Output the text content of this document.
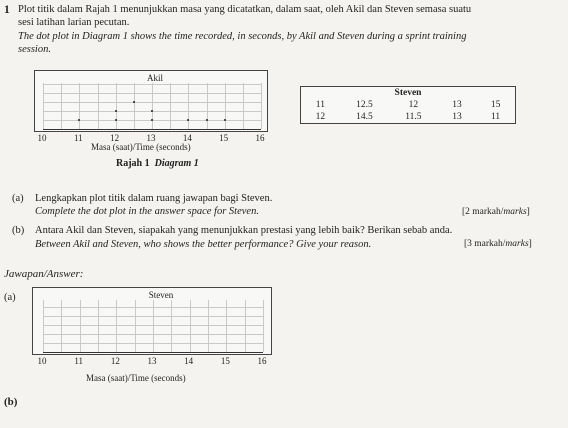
1 Plot titik dalam Rajah 1 menunjukkan masa yang dicatatkan, dalam saat, oleh Akil dan Steven semasa suatu
sesi latihan larian pecutan.
The dot plot in Diagram 1 shows the time recorded, in seconds, by Akil and Steven during a sprint training
session.
Akil
10	11	12	13	14	15	16
Masa (saat)/Time (seconds)
Steven				
11	12.5	12	13	15
12	14.5	11.5	13	11
Rajah 1 Diagram 1
(a) Lengkapkan plot titik dalam ruang jawapan bagi Steven.
Complete the dot plot in the answer space for Steven.	[2 markah/marks]
(b) Antara Akil dan Steven, siapakah yang menunjukkan prestasi yang lebih baik? Berikan sebab anda.
Between Akil and Steven, who shows the better performance? Give your reason.	[3 markah/marks]
Jawapan/Answer:
(a)	Steven
10	11	12	13	14	15	16
Masa (saat)/Time (seconds)
(b)
